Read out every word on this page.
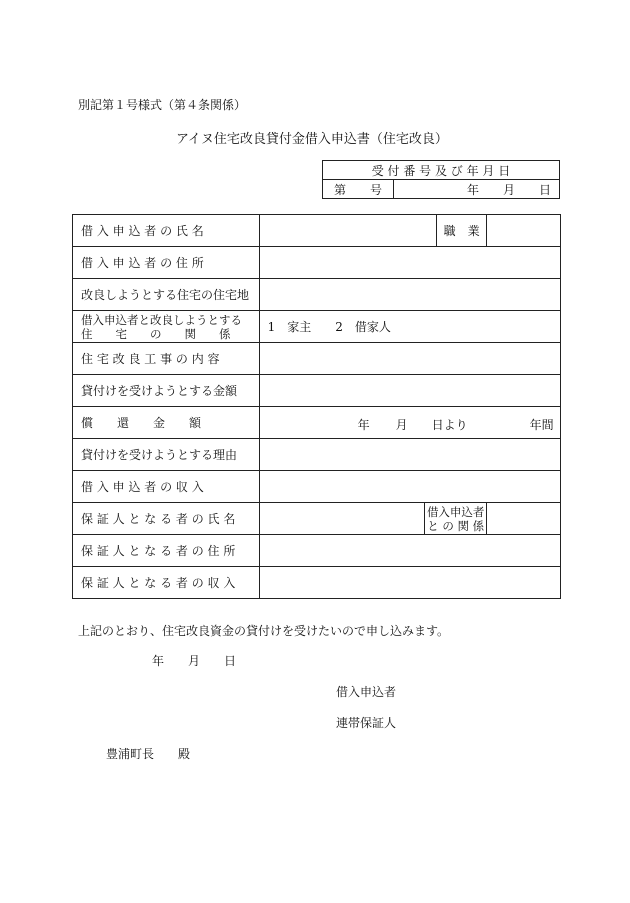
別記第１号様式（第４条関係）
アイヌ住宅改良貸付金借入申込書（住宅改良）
受 付 番 号 及 び 年 月 日
第　　号	年　　月　　日
借 入 申 込 者 の 氏 名			職　業	
借 入 申 込 者 の 住 所				
改良しようとする住宅の住宅地				

借入申込者と改良しようとする
住　　宅　　の　　関　　係	1　家主　　2　借家人			
住 宅 改 良 工 事 の 内 容				
貸付けを受けようとする金額				
償　　還　　金　　額	年 月 日より 年間			

貸付けを受けようとする理由				
借 入 申 込 者 の 収 入				
保 証 人 と な る 者 の 氏 名		借入申込者
と の 関 係		

保 証 人 と な る 者 の 住 所				
保 証 人 と な る 者 の 収 入				
上記のとおり、住宅改良資金の貸付けを受けたいので申し込みます。
年　　月　　日
借入申込者
連帯保証人
豊浦町長　　殿
